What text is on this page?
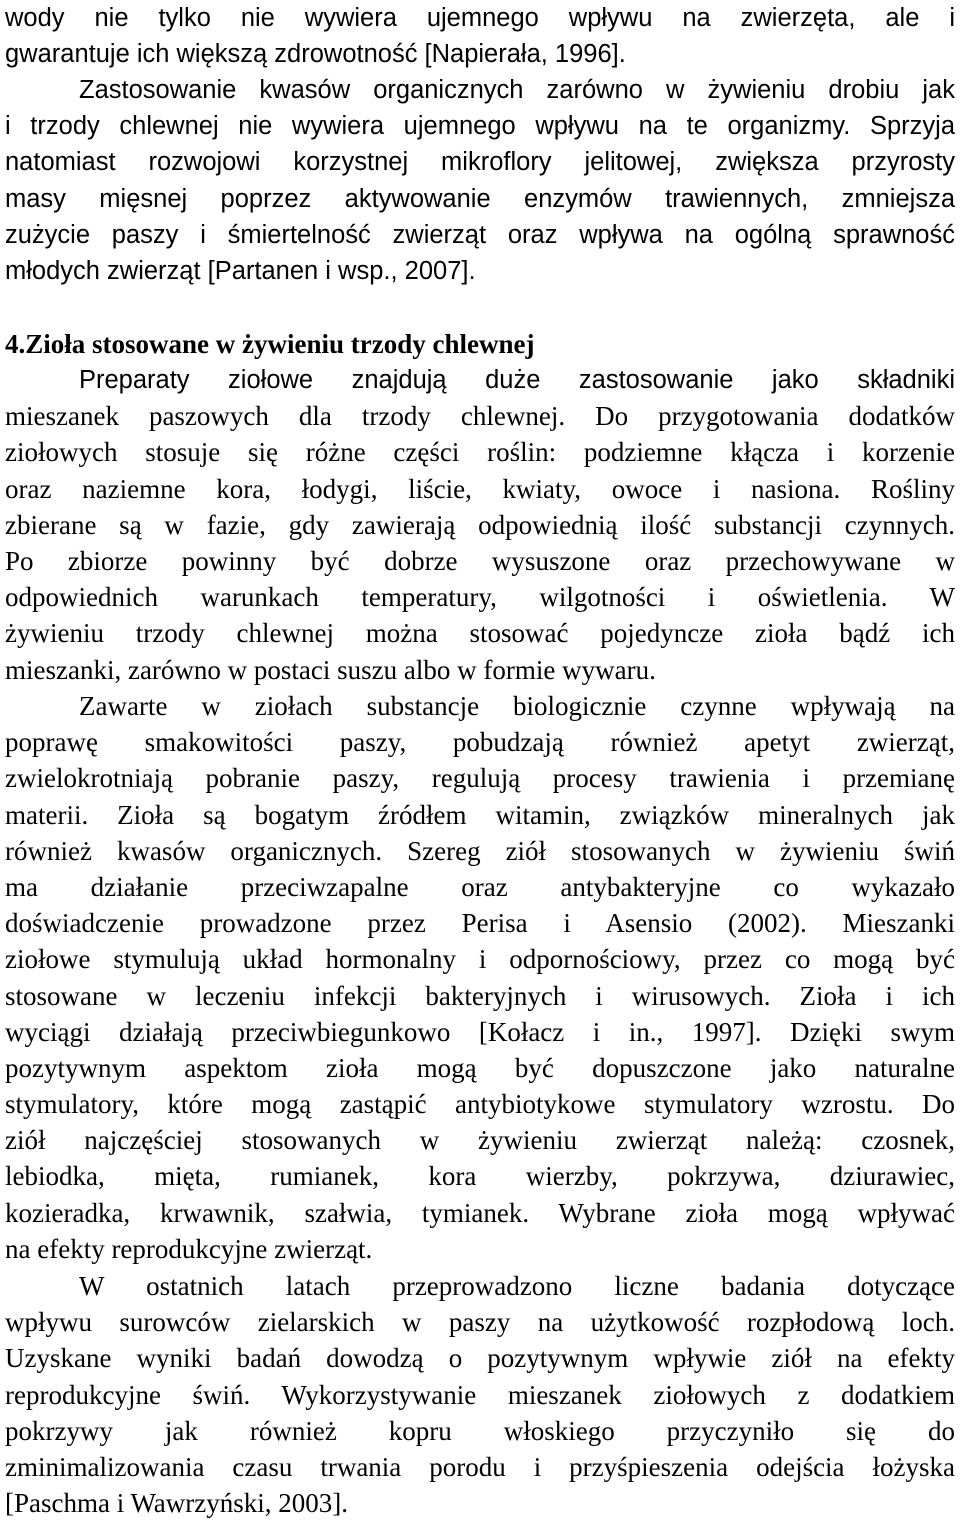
wody nie tylko nie wywiera ujemnego wpływu na zwierzęta, ale i
gwarantuje ich większą zdrowotność [Napierała, 1996].

Zastosowanie kwasów organicznych zarówno w żywieniu drobiu jak
i trzody chlewnej nie wywiera ujemnego wpływu na te organizmy. Sprzyja
natomiast rozwojowi korzystnej mikroflory jelitowej, zwiększa przyrosty
masy mięsnej poprzez aktywowanie enzymów trawiennych, zmniejsza
zużycie paszy i śmiertelność zwierząt oraz wpływa na ogólną sprawność
młodych zwierząt [Partanen i wsp., 2007].

4.Zioła stosowane w żywieniu trzody chlewnej

Preparaty ziołowe znajdują duże zastosowanie jako składniki
mieszanek paszowych dla trzody chlewnej. Do przygotowania dodatków
ziołowych stosuje się różne części roślin: podziemne kłącza i korzenie
oraz naziemne kora, łodygi, liście, kwiaty, owoce i nasiona. Rośliny
zbierane są w fazie, gdy zawierają odpowiednią ilość substancji czynnych.
Po zbiorze powinny być dobrze wysuszone oraz przechowywane w
odpowiednich warunkach temperatury, wilgotności i oświetlenia. W
żywieniu trzody chlewnej można stosować pojedyncze zioła bądź ich
mieszanki, zarówno w postaci suszu albo w formie wywaru.

Zawarte w ziołach substancje biologicznie czynne wpływają na
poprawę smakowitości paszy, pobudzają również apetyt zwierząt,
zwielokrotniają pobranie paszy, regulują procesy trawienia i przemianę
materii. Zioła są bogatym źródłem witamin, związków mineralnych jak
również kwasów organicznych. Szereg ziół stosowanych w żywieniu świń
ma działanie przeciwzapalne oraz antybakteryjne co wykazało
doświadczenie prowadzone przez Perisa i Asensio (2002). Mieszanki
ziołowe stymulują układ hormonalny i odpornościowy, przez co mogą być
stosowane w leczeniu infekcji bakteryjnych i wirusowych. Zioła i ich
wyciągi działają przeciwbiegunkowo [Kołacz i in., 1997]. Dzięki swym
pozytywnym aspektom zioła mogą być dopuszczone jako naturalne
stymulatory, które mogą zastąpić antybiotykowe stymulatory wzrostu. Do
ziół najczęściej stosowanych w żywieniu zwierząt należą: czosnek,
lebiodka, mięta, rumianek, kora wierzby, pokrzywa, dziurawiec,
kozieradka, krwawnik, szałwia, tymianek. Wybrane zioła mogą wpływać
na efekty reprodukcyjne zwierząt.

W ostatnich latach przeprowadzono liczne badania dotyczące
wpływu surowców zielarskich w paszy na użytkowość rozpłodową loch.
Uzyskane wyniki badań dowodzą o pozytywnym wpływie ziół na efekty
reprodukcyjne świń. Wykorzystywanie mieszanek ziołowych z dodatkiem
pokrzywy jak również kopru włoskiego przyczyniło się do
zminimalizowania czasu trwania porodu i przyśpieszenia odejścia łożyska
[Paschma i Wawrzyński, 2003].
